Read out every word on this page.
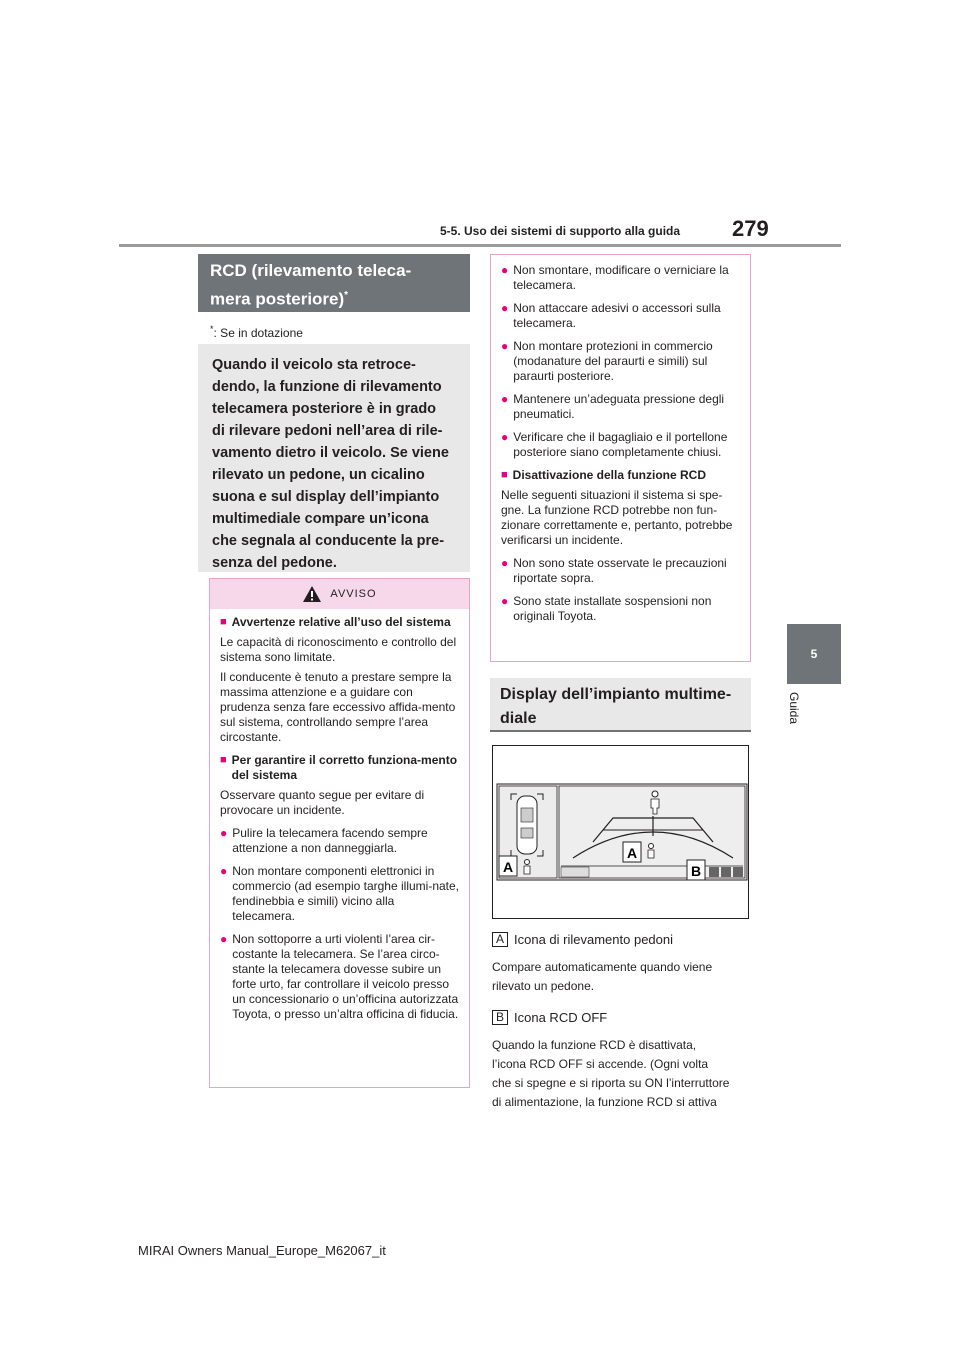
5-5. Uso dei sistemi di supporto alla guida 279
5
Guida
RCD (rilevamento teleca-
mera posteriore)*
*: Se in dotazione
Quando il veicolo sta retroce-
dendo, la funzione di rilevamento
telecamera posteriore è in grado
di rilevare pedoni nell’area di rile-
vamento dietro il veicolo. Se viene
rilevato un pedone, un cicalino
suona e sul display dell’impianto
multimediale compare un’icona
che segnala al conducente la pre-
senza del pedone.
AVVISO
■ Avvertenze relative all’uso del sistema
Le capacità di riconoscimento e controllo del sistema sono limitate.
Il conducente è tenuto a prestare sempre la massima attenzione e a guidare con prudenza senza fare eccessivo affida-mento sul sistema, controllando sempre l’area circostante.
■ Per garantire il corretto funziona-mento del sistema
Osservare quanto segue per evitare di provocare un incidente.
● Pulire la telecamera facendo sempre attenzione a non danneggiarla.
● Non montare componenti elettronici in commercio (ad esempio targhe illumi-nate, fendinebbia e simili) vicino alla telecamera.
● Non sottoporre a urti violenti l’area cir-costante la telecamera. Se l’area circo-stante la telecamera dovesse subire un forte urto, far controllare il veicolo presso un concessionario o un’officina autorizzata Toyota, o presso un’altra officina di fiducia.
● Non smontare, modificare o verniciare la telecamera.
● Non attaccare adesivi o accessori sulla telecamera.
● Non montare protezioni in commercio (modanature del paraurti e simili) sul paraurti posteriore.
● Mantenere un’adeguata pressione degli pneumatici.
● Verificare che il bagagliaio e il portellone posteriore siano completamente chiusi.
■ Disattivazione della funzione RCD
Nelle seguenti situazioni il sistema si spe-gne. La funzione RCD potrebbe non fun-zionare correttamente e, pertanto, potrebbe verificarsi un incidente.
● Non sono state osservate le precauzioni riportate sopra.
● Sono state installate sospensioni non originali Toyota.
Display dell’impianto multime-
diale
A
A
B
A Icona di rilevamento pedoni
Compare automaticamente quando viene
rilevato un pedone.
B Icona RCD OFF
Quando la funzione RCD è disattivata,
l’icona RCD OFF si accende. (Ogni volta
che si spegne e si riporta su ON l’interruttore
di alimentazione, la funzione RCD si attiva
MIRAI Owners Manual_Europe_M62067_it
